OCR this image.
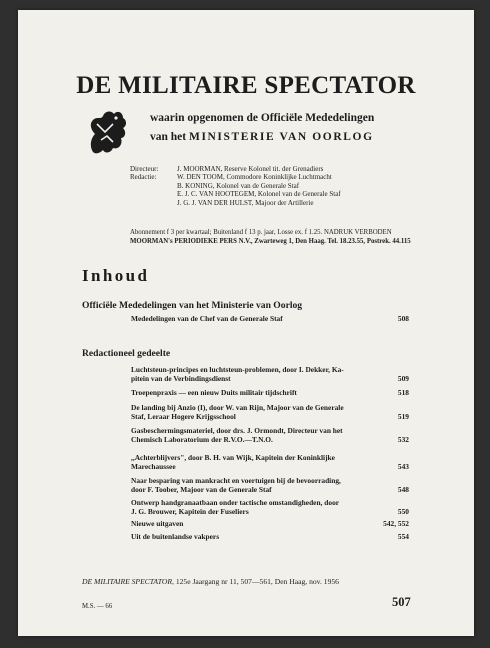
DE MILITAIRE SPECTATOR
waarin opgenomen de Officiële Mededelingen
van het MINISTERIE VAN OORLOG
Directeur:	J. MOORMAN, Reserve Kolonel tit. der Grenadiers
Redactie:	W. DEN TOOM, Commodore Koninklijke Luchtmacht
B. KONING, Kolonel van de Generale Staf
E. J. C. VAN HOOTEGEM, Kolonel van de Generale Staf
J. G. J. VAN DER HULST, Majoor der Artillerie
Abonnement f 3 per kwartaal; Buitenland f 13 p. jaar, Losse ex. f 1.25. NADRUK VERBODEN
MOORMAN's PERIODIEKE PERS N.V., Zwarteweg 1, Den Haag. Tel. 18.23.55, Postrek. 44.115
Inhoud
Officiële Mededelingen van het Ministerie van Oorlog
Mededelingen van de Chef van de Generale Staf	508
Redactioneel gedeelte
Luchtsteun-principes en luchtsteun-problemen, door I. Dekker, Ka-
pitein van de Verbindingsdienst	509
Troepenpraxis — een nieuw Duits militair tijdschrift	518
De landing bij Anzio (I), door W. van Rijn, Majoor van de Generale
Staf, Leraar Hogere Krijgsschool	519
Gasbeschermingsmateriel, door drs. J. Ormondt, Directeur van het
Chemisch Laboratorium der R.V.O.—T.N.O.	532
,,Achterblijvers", door B. H. van Wijk, Kapitein der Koninklijke
Marechaussee	543
Naar besparing van mankracht en voertuigen bij de bevoorrading,
door F. Toober, Majoor van de Generale Staf	548
Ontwerp handgranaatbaan onder tactische omstandigheden, door
J. G. Brouwer, Kapitein der Fuseliers	550
Nieuwe uitgaven	542, 552
Uit de buitenlandse vakpers	554
DE MILITAIRE SPECTATOR, 125e Jaargang nr 11, 507—561, Den Haag, nov. 1956
M.S. — 66	507
